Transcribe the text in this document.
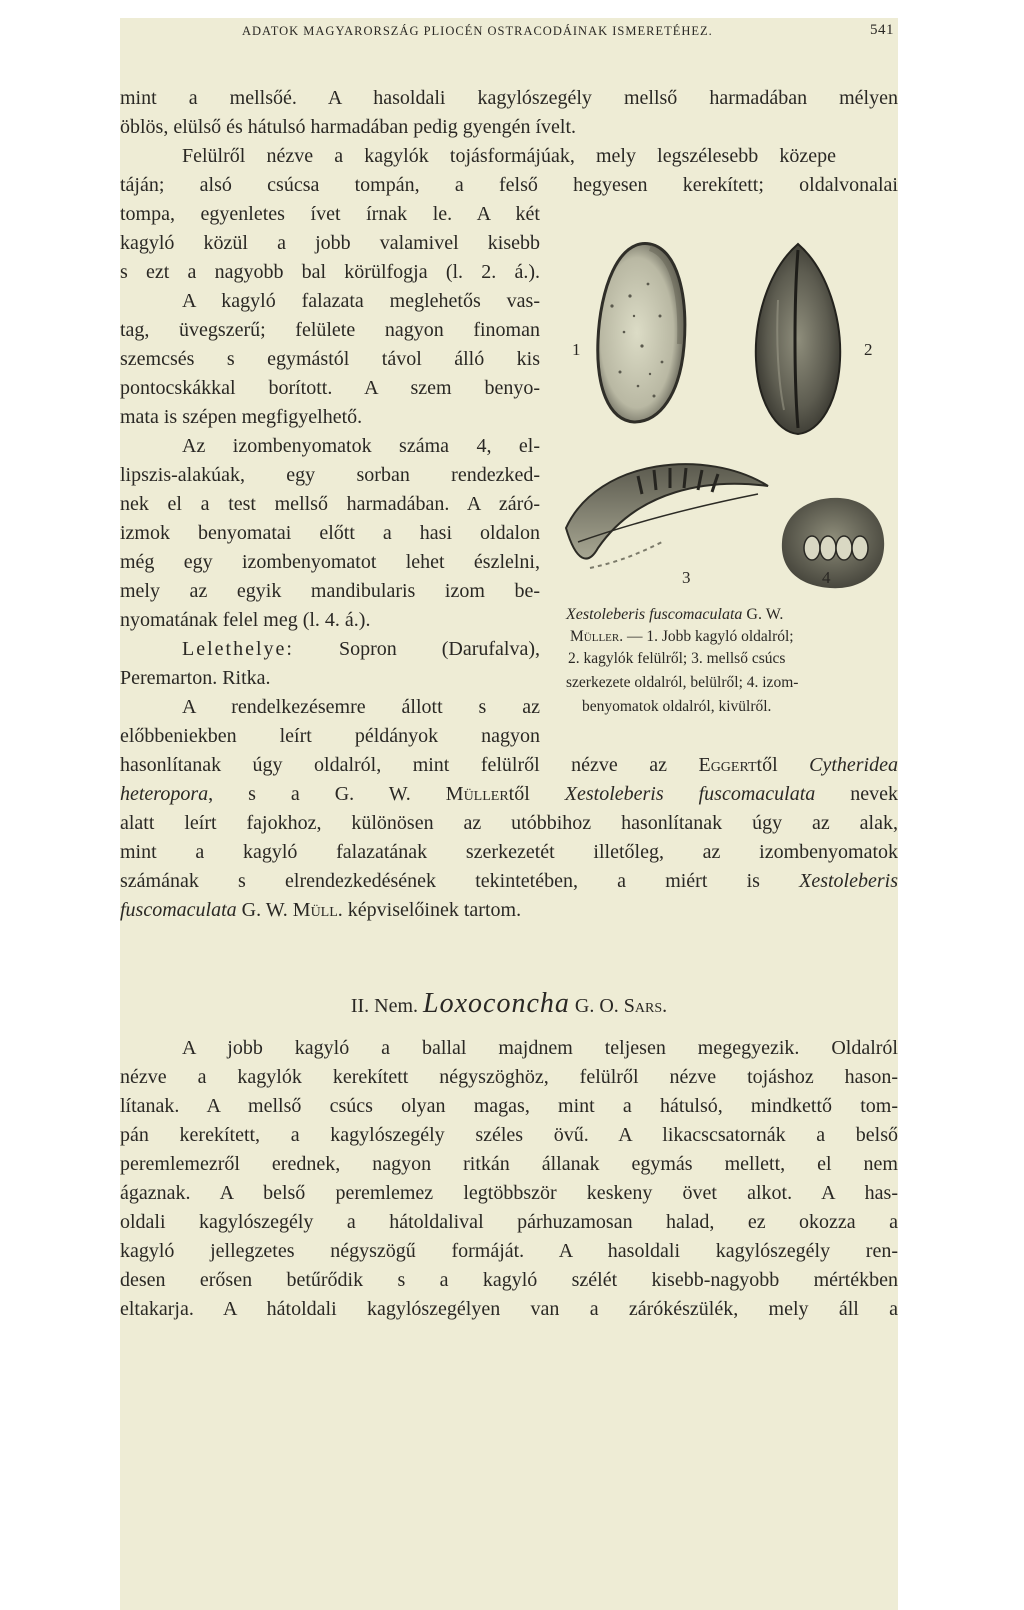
ADATOK MAGYARORSZÁG PLIOCÉN OSTRACODÁINAK ISMERETÉHEZ.	541
mint a mellsőé. A hasoldali kagylószegély mellső harmadában mélyen
öblös, elülső és hátulsó harmadában pedig gyengén ívelt.
Felülről nézve a kagylók tojásformájúak, mely legszélesebb közepe
táján; alsó csúcsa tompán, a felső hegyesen kerekített; oldalvonalai
tompa, egyenletes ívet írnak le. A két
kagyló közül a jobb valamivel kisebb
s ezt a nagyobb bal körülfogja (l. 2. á.).
A kagyló falazata meglehetős vas-
tag, üvegszerű; felülete nagyon finoman
szemcsés s egymástól távol álló kis
pontocskákkal borított. A szem benyo-
mata is szépen megfigyelhető.
Az izombenyomatok száma 4, el-
lipszis-alakúak, egy sorban rendezked-
nek el a test mellső harmadában. A záró-
izmok benyomatai előtt a hasi oldalon
még egy izombenyomatot lehet észlelni,
mely az egyik mandibularis izom be-
nyomatának felel meg (l. 4. á.).
Lelethelye: Sopron (Darufalva),
Peremarton. Ritka.
A rendelkezésemre állott s az
előbbeniekben leírt példányok nagyon
hasonlítanak úgy oldalról, mint felülről nézve az Eggerttől Cytheridea
heteropora, s a G. W. Müllertől Xestoleberis fuscomaculata nevek
alatt leírt fajokhoz, különösen az utóbbihoz hasonlítanak úgy az alak,
mint a kagyló falazatának szerkezetét illetőleg, az izombenyomatok
számának s elrendezkedésének tekintetében, a miért is Xestoleberis
fuscomaculata G. W. Müll. képviselőinek tartom.
II. Nem. Loxoconcha G. O. Sars.
A jobb kagyló a ballal majdnem teljesen megegyezik. Oldalról
nézve a kagylók kerekített négyszöghöz, felülről nézve tojáshoz hason-
lítanak. A mellső csúcs olyan magas, mint a hátulsó, mindkettő tom-
pán kerekített, a kagylószegély széles övű. A likacscsatornák a belső
peremlemezről erednek, nagyon ritkán állanak egymás mellett, el nem
ágaznak. A belső peremlemez legtöbbször keskeny övet alkot. A has-
oldali kagylószegély a hátoldalival párhuzamosan halad, ez okozza a
kagyló jellegzetes négyszögű formáját. A hasoldali kagylószegély ren-
desen erősen betűrődik s a kagyló szélét kisebb-nagyobb mértékben
eltakarja. A hátoldali kagylószegélyen van a zárókészülék, mely áll a
1	2
3	4
Xestoleberis fuscomaculata G. W.
Müller. — 1. Jobb kagyló oldalról;
2. kagylók felülről; 3. mellső csúcs
szerkezete oldalról, belülről; 4. izom-
benyomatok oldalról, kivülről.
